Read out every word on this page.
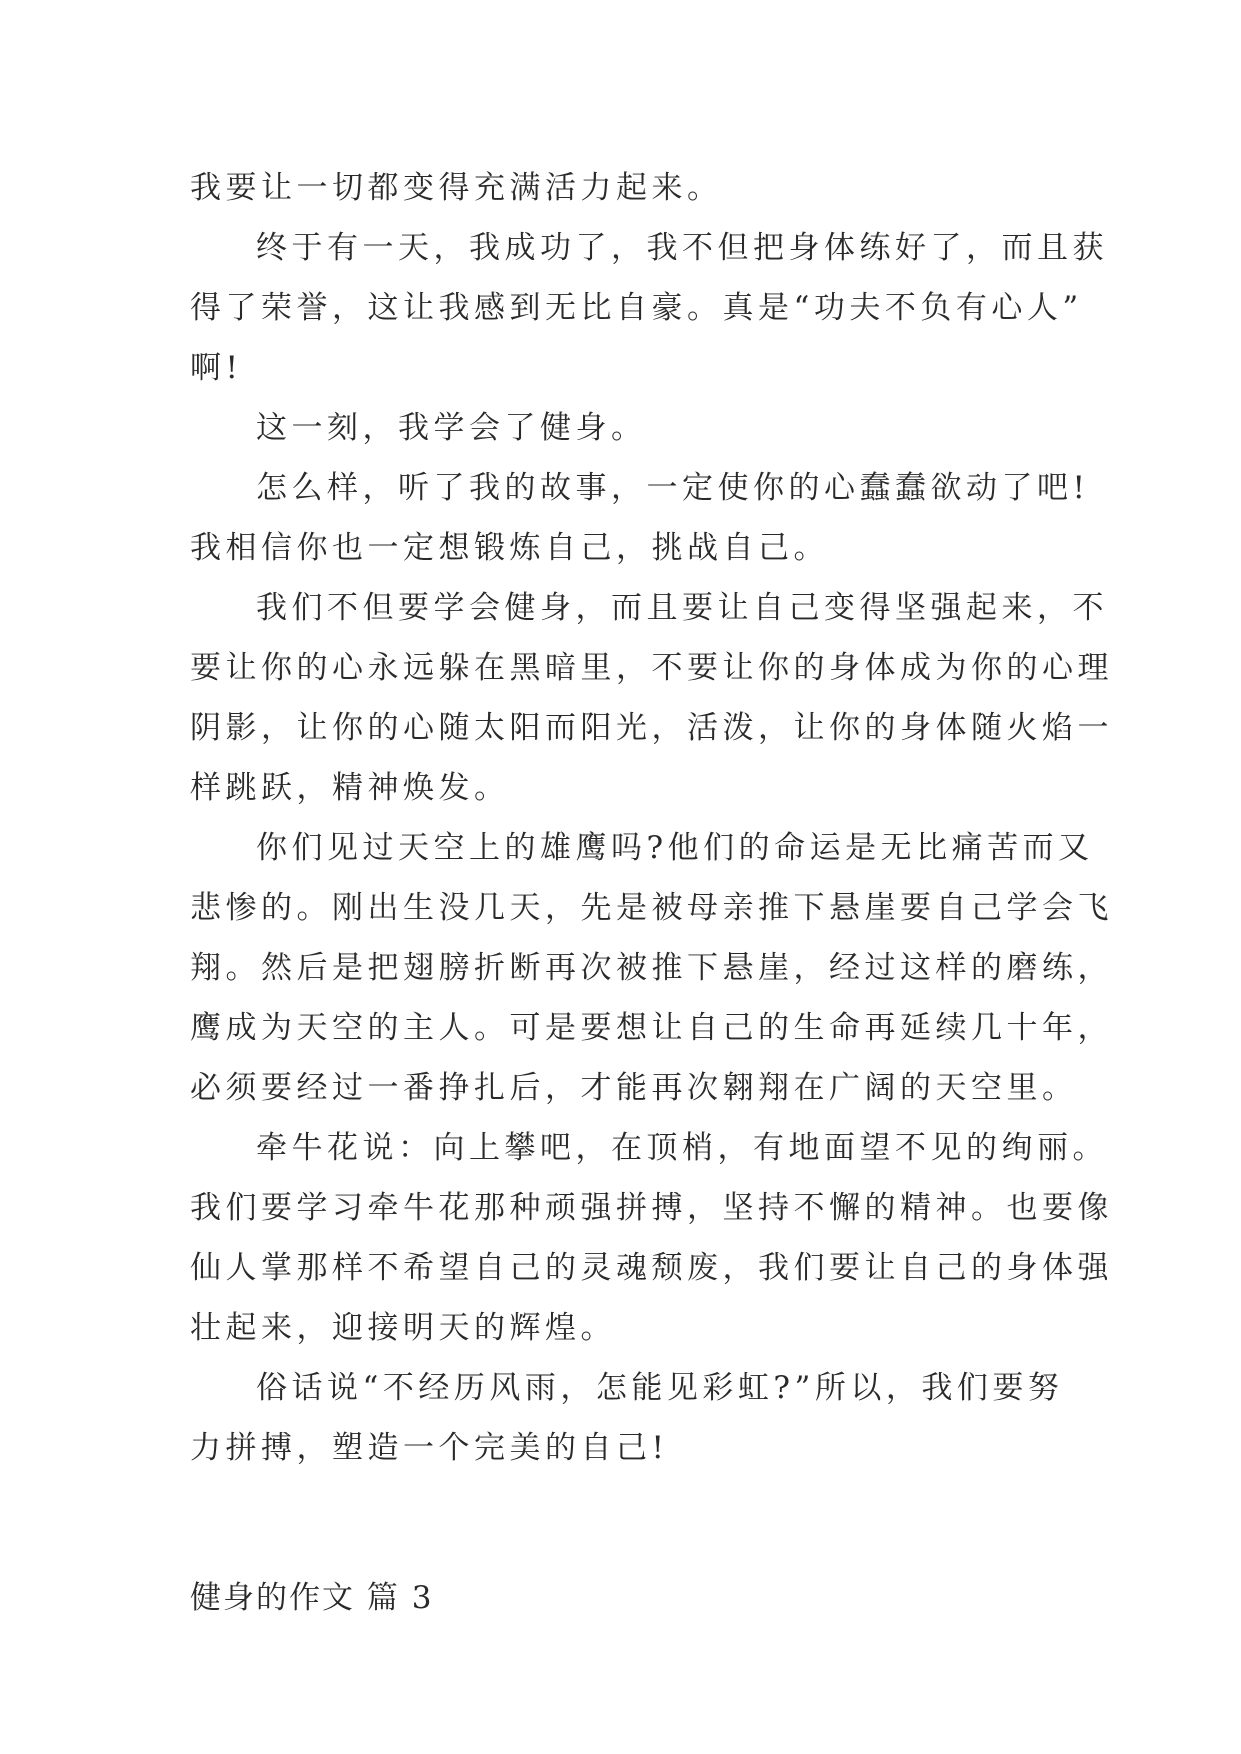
我要让一切都变得充满活力起来。

终于有一天，我成功了，我不但把身体练好了，而且获

得了荣誉，这让我感到无比自豪。真是“功夫不负有心人”

啊!

这一刻，我学会了健身。

怎么样，听了我的故事，一定使你的心蠢蠢欲动了吧!

我相信你也一定想锻炼自己，挑战自己。

我们不但要学会健身，而且要让自己变得坚强起来，不

要让你的心永远躲在黑暗里，不要让你的身体成为你的心理

阴影，让你的心随太阳而阳光，活泼，让你的身体随火焰一

样跳跃，精神焕发。

你们见过天空上的雄鹰吗?他们的命运是无比痛苦而又

悲惨的。刚出生没几天，先是被母亲推下悬崖要自己学会飞

翔。然后是把翅膀折断再次被推下悬崖，经过这样的磨练，

鹰成为天空的主人。可是要想让自己的生命再延续几十年，

必须要经过一番挣扎后，才能再次翱翔在广阔的天空里。

牵牛花说：向上攀吧，在顶梢，有地面望不见的绚丽。

我们要学习牵牛花那种顽强拼搏，坚持不懈的精神。也要像

仙人掌那样不希望自己的灵魂颓废，我们要让自己的身体强

壮起来，迎接明天的辉煌。

俗话说“不经历风雨，怎能见彩虹?”所以，我们要努

力拼搏，塑造一个完美的自己!

健身的作文 篇 3
